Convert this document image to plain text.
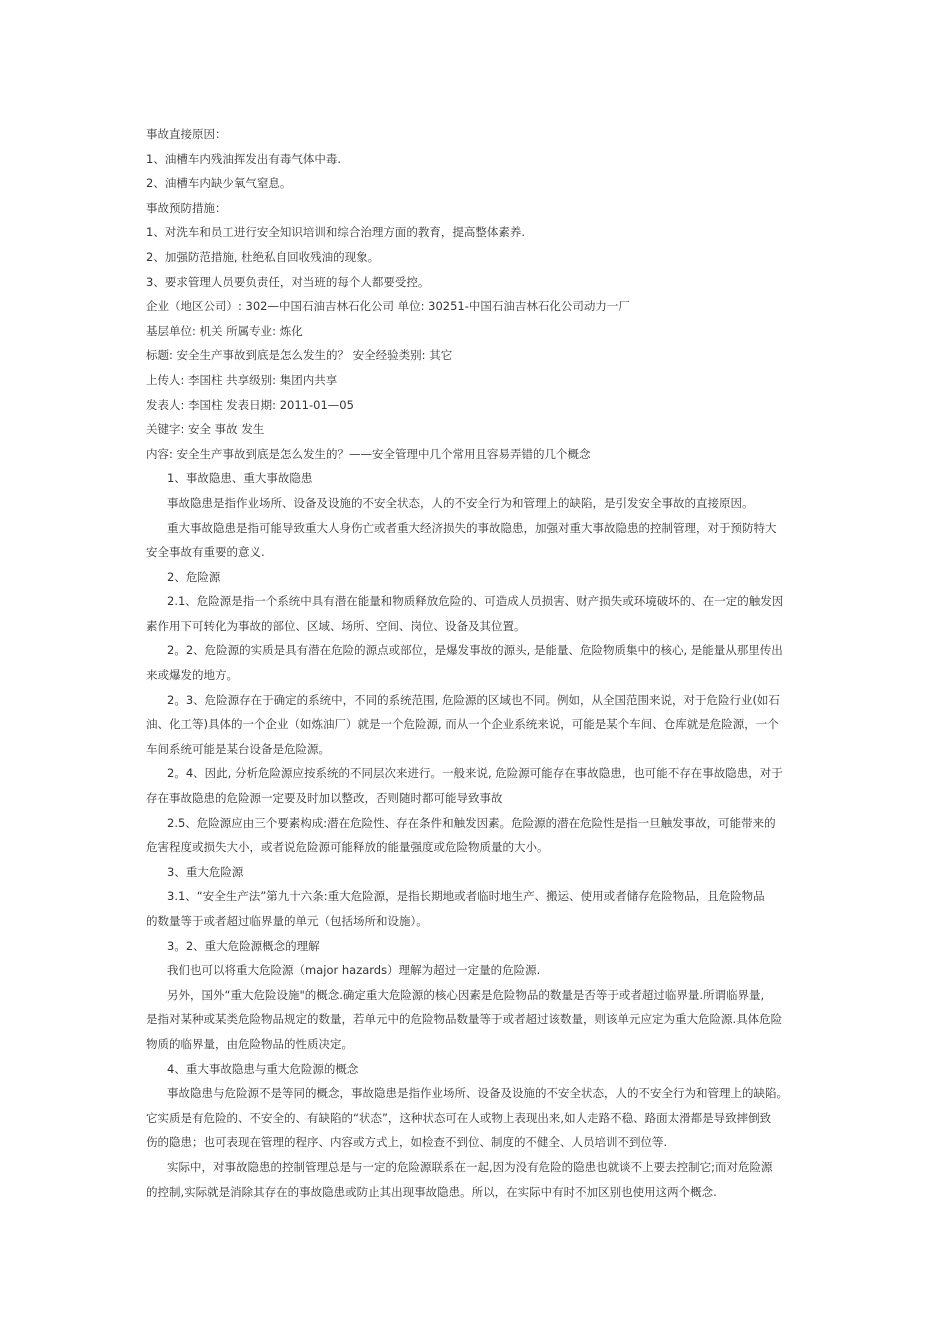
事故直接原因：
1、油槽车内残油挥发出有毒气体中毒.
2、油槽车内缺少氧气窒息。
事故预防措施：
1、对洗车和员工进行安全知识培训和综合治理方面的教育，提高整体素养.
2、加强防范措施, 杜绝私自回收残油的现象。
3、要求管理人员要负责任，对当班的每个人都要受控。
企业（地区公司）: 302—中国石油吉林石化公司 单位: 30251-中国石油吉林石化公司动力一厂
基层单位: 机关 所属专业: 炼化
标题: 安全生产事故到底是怎么发生的？ 安全经验类别: 其它
上传人: 李国柱 共享级别: 集团内共享
发表人: 李国柱 发表日期: 2011-01—05
关键字: 安全 事故 发生
内容: 安全生产事故到底是怎么发生的？——安全管理中几个常用且容易弄错的几个概念
1、事故隐患、重大事故隐患
事故隐患是指作业场所、设备及设施的不安全状态，人的不安全行为和管理上的缺陷，是引发安全事故的直接原因。
重大事故隐患是指可能导致重大人身伤亡或者重大经济损失的事故隐患，加强对重大事故隐患的控制管理，对于预防特大
安全事故有重要的意义.
2、危险源
2.1、危险源是指一个系统中具有潜在能量和物质释放危险的、可造成人员损害、财产损失或环境破坏的、在一定的触发因
素作用下可转化为事故的部位、区域、场所、空间、岗位、设备及其位置。
2。2、危险源的实质是具有潜在危险的源点或部位，是爆发事故的源头, 是能量、危险物质集中的核心, 是能量从那里传出
来或爆发的地方。
2。3、危险源存在于确定的系统中，不同的系统范围, 危险源的区域也不同。例如，从全国范围来说，对于危险行业(如石
油、化工等)具体的一个企业（如炼油厂）就是一个危险源, 而从一个企业系统来说，可能是某个车间、仓库就是危险源，一个
车间系统可能是某台设备是危险源。
2。4、因此, 分析危险源应按系统的不同层次来进行。一般来说, 危险源可能存在事故隐患，也可能不存在事故隐患，对于
存在事故隐患的危险源一定要及时加以整改，否则随时都可能导致事故
2.5、危险源应由三个要素构成:潜在危险性、存在条件和触发因素。危险源的潜在危险性是指一旦触发事故，可能带来的
危害程度或损失大小，或者说危险源可能释放的能量强度或危险物质量的大小。
3、重大危险源
3.1、“安全生产法”第九十六条:重大危险源，是指长期地或者临时地生产、搬运、使用或者储存危险物品，且危险物品
的数量等于或者超过临界量的单元（包括场所和设施）。
3。2、重大危险源概念的理解
我们也可以将重大危险源（major hazards）理解为超过一定量的危险源.
另外，国外“重大危险设施"的概念.确定重大危险源的核心因素是危险物品的数量是否等于或者超过临界量.所谓临界量,
是指对某种或某类危险物品规定的数量，若单元中的危险物品数量等于或者超过该数量，则该单元应定为重大危险源.具体危险
物质的临界量，由危险物品的性质决定。
4、重大事故隐患与重大危险源的概念
事故隐患与危险源不是等同的概念，事故隐患是指作业场所、设备及设施的不安全状态，人的不安全行为和管理上的缺陷。
它实质是有危险的、不安全的、有缺陷的“状态”，这种状态可在人或物上表现出来,如人走路不稳、路面太滑都是导致摔倒致
伤的隐患；也可表现在管理的程序、内容或方式上，如检查不到位、制度的不健全、人员培训不到位等.
实际中，对事故隐患的控制管理总是与一定的危险源联系在一起,因为没有危险的隐患也就谈不上要去控制它;而对危险源
的控制,实际就是消除其存在的事故隐患或防止其出现事故隐患。所以，在实际中有时不加区别也使用这两个概念.
